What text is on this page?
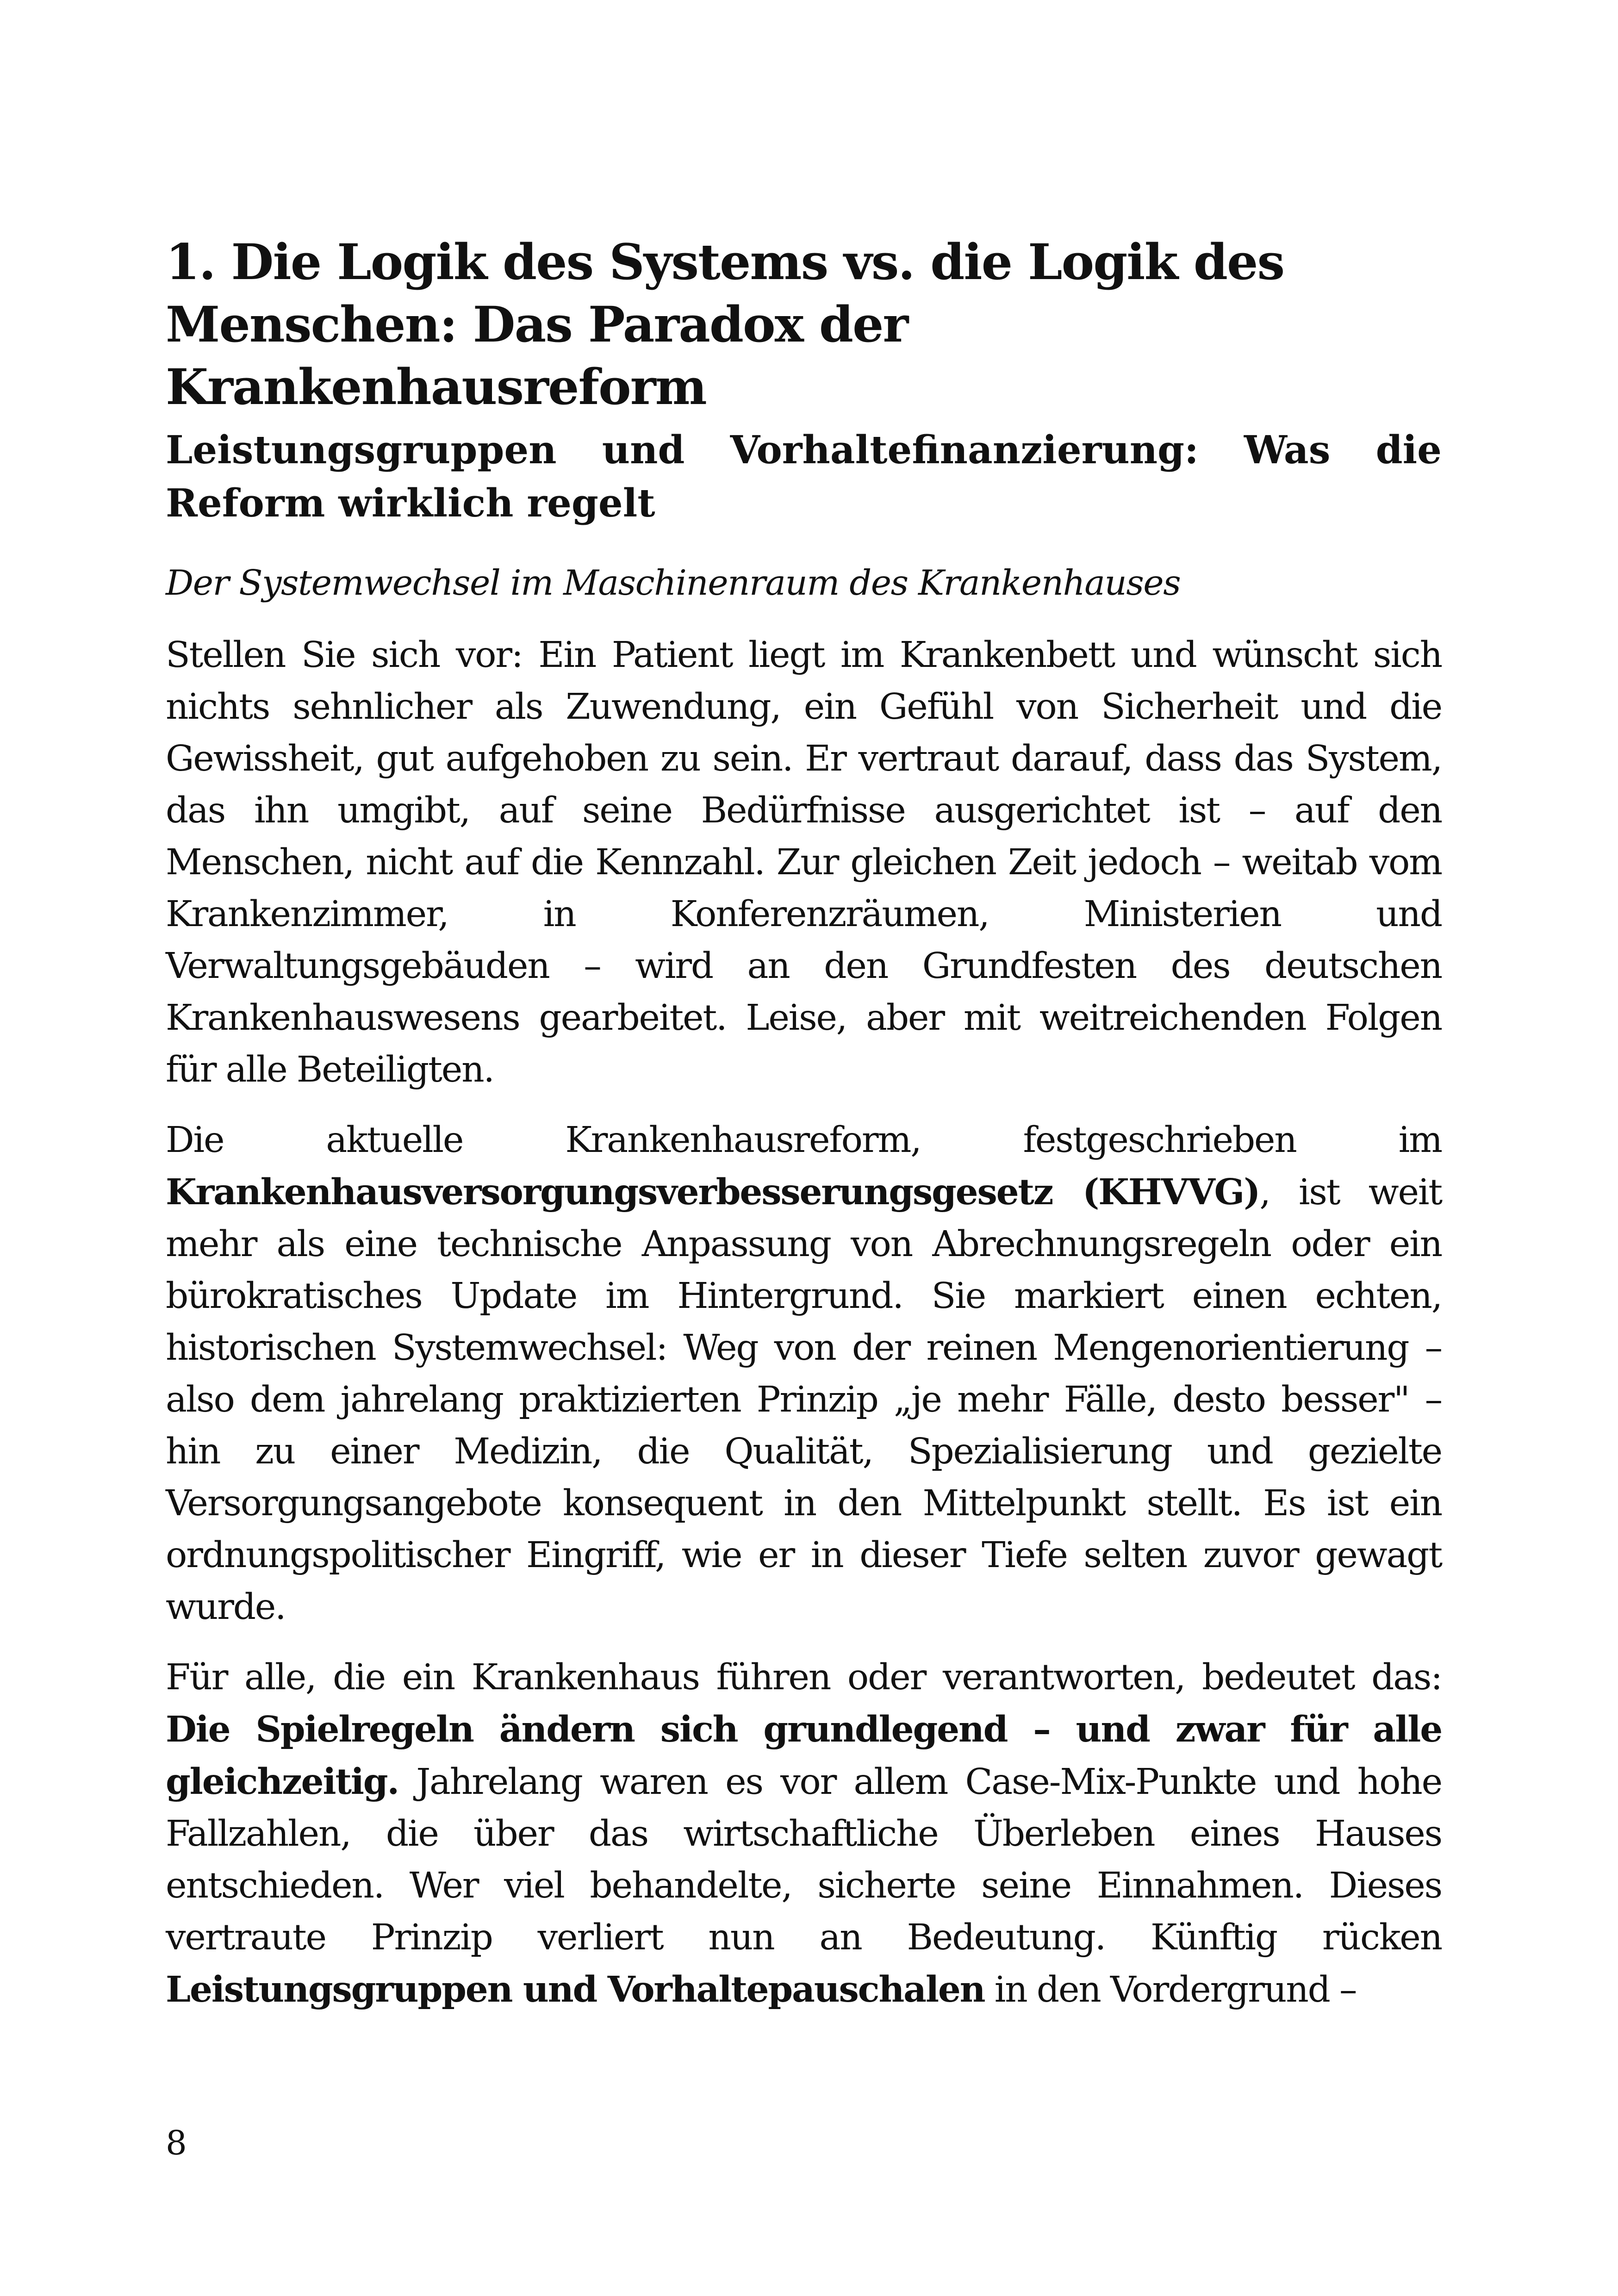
1. Die Logik des Systems vs. die Logik des
Menschen: Das Paradox der Krankenhausreform
Leistungsgruppen und Vorhaltefinanzierung: Was die
Reform wirklich regelt

Der Systemwechsel im Maschinenraum des Krankenhauses

Stellen Sie sich vor: Ein Patient liegt im Krankenbett und wünscht sich nichts sehnlicher als Zuwendung, ein Gefühl von Sicherheit und die Gewissheit, gut aufgehoben zu sein. Er vertraut darauf, dass das System, das ihn umgibt, auf seine Bedürfnisse ausgerichtet ist – auf den Menschen, nicht auf die Kennzahl. Zur gleichen Zeit jedoch – weitab vom Krankenzimmer, in Konferenzräumen, Ministerien und Verwaltungsgebäuden – wird an den Grundfesten des deutschen Krankenhauswesens gearbeitet. Leise, aber mit weitreichenden Folgen für alle Beteiligten.

Die aktuelle Krankenhausreform, festgeschrieben im Krankenhausversorgungsverbesserungsgesetz (KHVVG), ist weit mehr als eine technische Anpassung von Abrechnungsregeln oder ein bürokratisches Update im Hintergrund. Sie markiert einen echten, historischen Systemwechsel: Weg von der reinen Mengenorientierung – also dem jahrelang praktizierten Prinzip „je mehr Fälle, desto besser" – hin zu einer Medizin, die Qualität, Spezialisierung und gezielte Versorgungsangebote konsequent in den Mittelpunkt stellt. Es ist ein ordnungspolitischer Eingriff, wie er in dieser Tiefe selten zuvor gewagt wurde.

Für alle, die ein Krankenhaus führen oder verantworten, bedeutet das: Die Spielregeln ändern sich grundlegend – und zwar für alle gleichzeitig. Jahrelang waren es vor allem Case-Mix-Punkte und hohe Fallzahlen, die über das wirtschaftliche Überleben eines Hauses entschieden. Wer viel behandelte, sicherte seine Einnahmen. Dieses vertraute Prinzip verliert nun an Bedeutung. Künftig rücken Leistungsgruppen und Vorhaltepauschalen in den Vordergrund –

8
